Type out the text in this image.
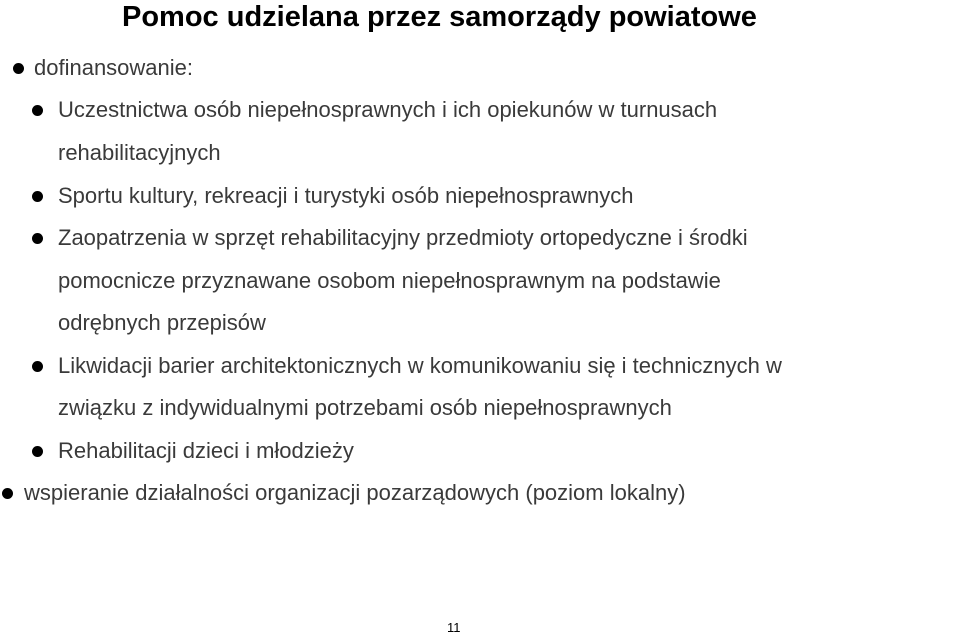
Pomoc udzielana przez samorządy powiatowe
dofinansowanie:
Uczestnictwa osób niepełnosprawnych i ich opiekunów w turnusach
rehabilitacyjnych
Sportu kultury, rekreacji i turystyki osób niepełnosprawnych
Zaopatrzenia w sprzęt rehabilitacyjny przedmioty ortopedyczne i środki
pomocnicze przyznawane osobom niepełnosprawnym na podstawie
odrębnych przepisów
Likwidacji barier architektonicznych w komunikowaniu się i technicznych w
związku z indywidualnymi potrzebami osób niepełnosprawnych
Rehabilitacji dzieci i młodzieży
wspieranie działalności organizacji pozarządowych (poziom lokalny)
11
